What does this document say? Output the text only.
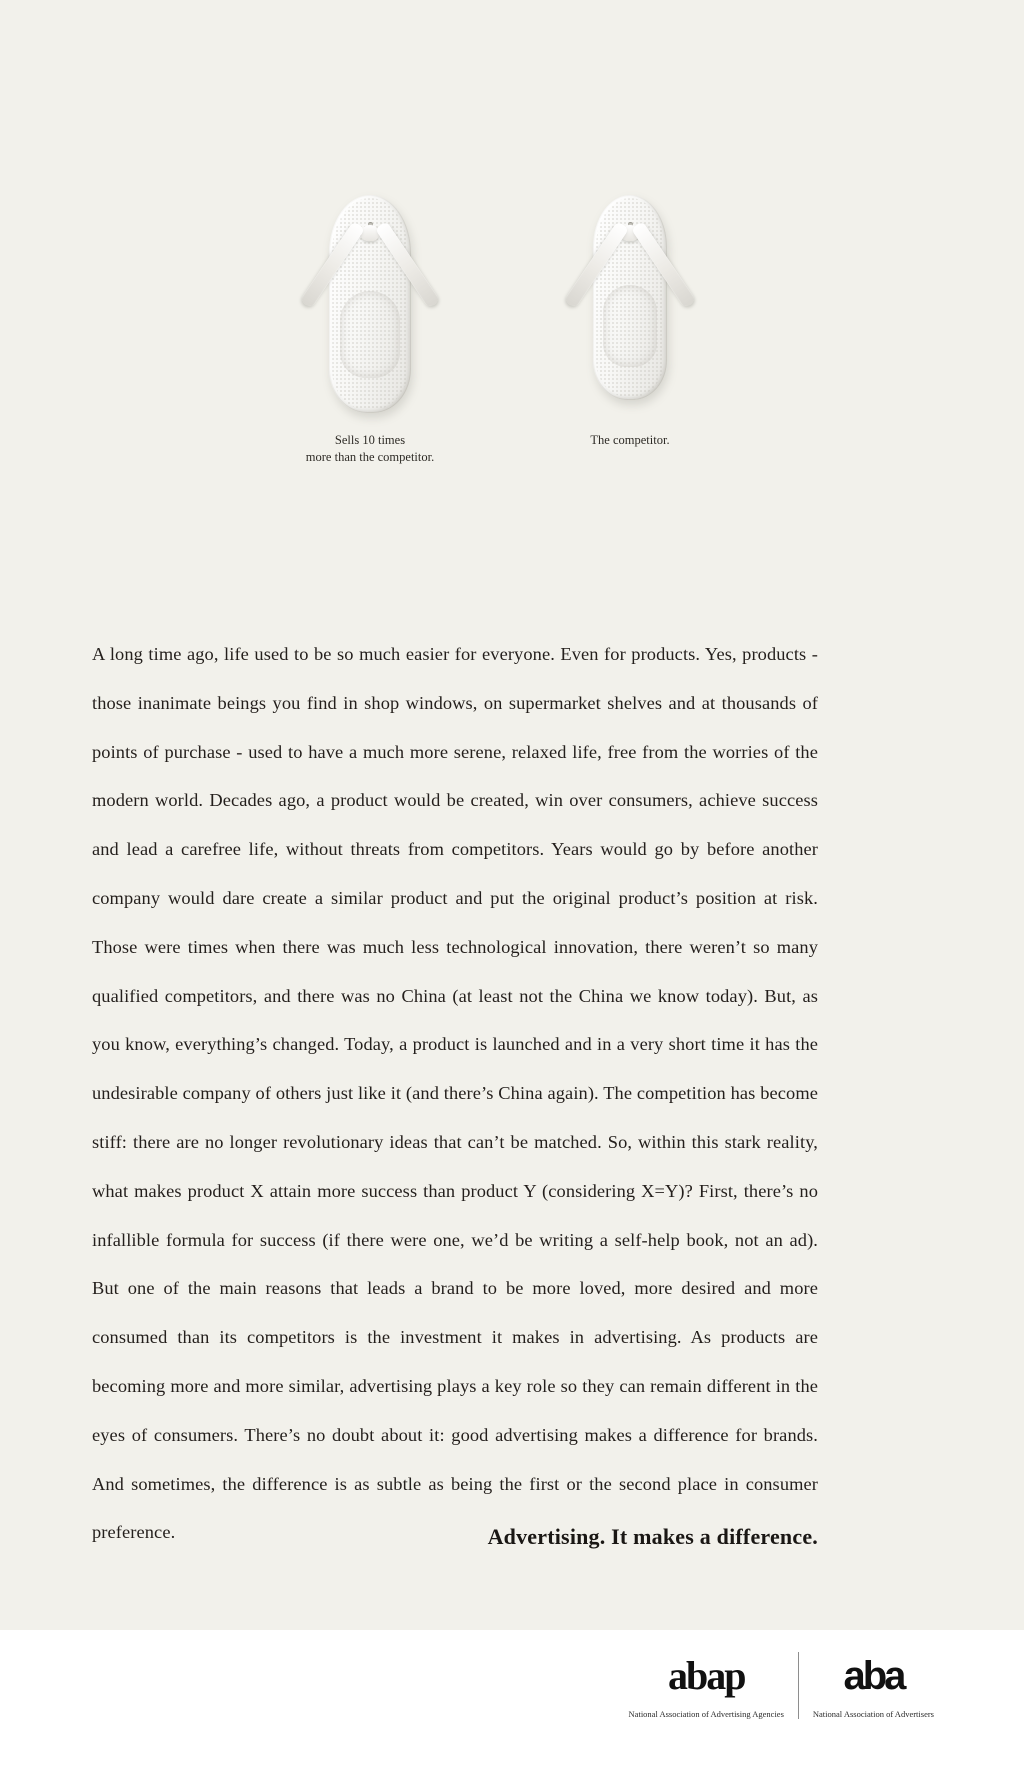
Sells 10 times
more than the competitor.
The competitor.
A long time ago, life used to be so much easier for everyone. Even for products. Yes, products - those inanimate beings you find in shop windows, on supermarket shelves and at thousands of points of purchase - used to have a much more serene, relaxed life, free from the worries of the modern world. Decades ago, a product would be created, win over consumers, achieve success and lead a carefree life, without threats from competitors. Years would go by before another company would dare create a similar product and put the original product’s position at risk. Those were times when there was much less technological innovation, there weren’t so many qualified competitors, and there was no China (at least not the China we know today). But, as you know, everything’s changed. Today, a product is launched and in a very short time it has the undesirable company of others just like it (and there’s China again). The competition has become stiff: there are no longer revolutionary ideas that can’t be matched. So, within this stark reality, what makes product X attain more success than product Y (considering X=Y)? First, there’s no infallible formula for success (if there were one, we’d be writing a self-help book, not an ad). But one of the main reasons that leads a brand to be more loved, more desired and more consumed than its competitors is the investment it makes in advertising. As products are becoming more and more similar, advertising plays a key role so they can remain different in the eyes of consumers. There’s no doubt about it: good advertising makes a difference for brands. And sometimes, the difference is as subtle as being the first or the second place in consumer preference.	Advertising. It makes a difference.
abap
National Association of Advertising Agencies
aba
National Association of Advertisers
